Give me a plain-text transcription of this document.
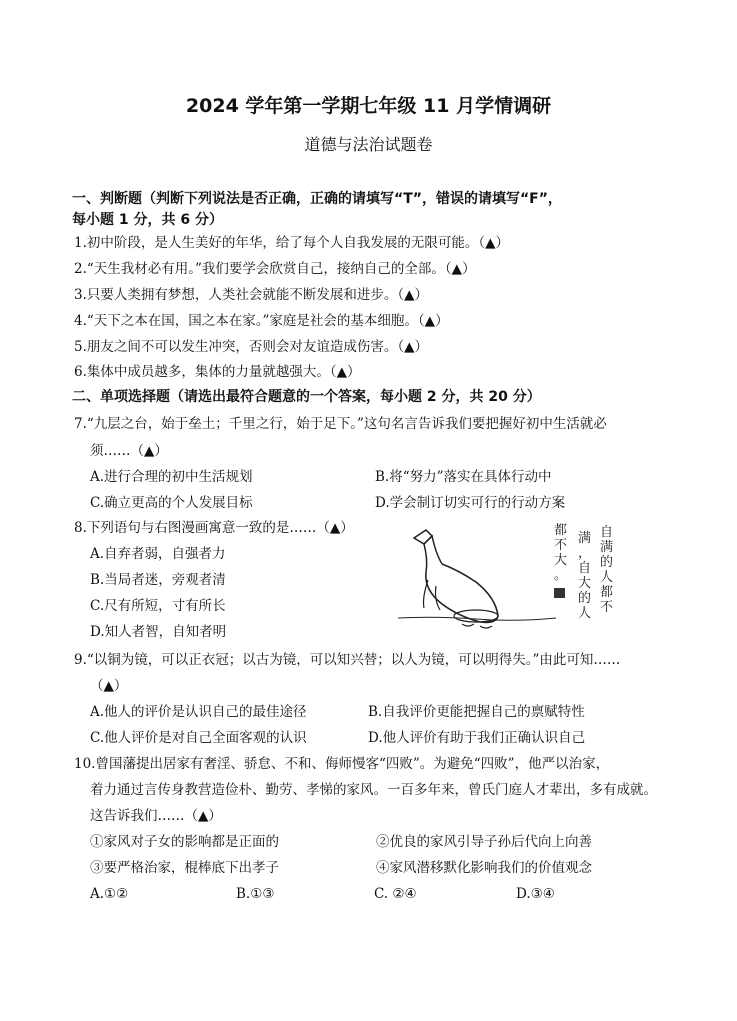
2024 学年第一学期七年级 11 月学情调研
道德与法治试题卷
一、判断题（判断下列说法是否正确，正确的请填写“T”，错误的请填写“F”，
每小题 1 分，共 6 分）
1.初中阶段，是人生美好的年华，给了每个人自我发展的无限可能。（▲）
2.“天生我材必有用。”我们要学会欣赏自己，接纳自己的全部。（▲）
3.只要人类拥有梦想，人类社会就能不断发展和进步。（▲）
4.“天下之本在国，国之本在家。”家庭是社会的基本细胞。（▲）
5.朋友之间不可以发生冲突，否则会对友谊造成伤害。（▲）
6.集体中成员越多，集体的力量就越强大。（▲）
二、单项选择题（请选出最符合题意的一个答案，每小题 2 分，共 20 分）
7.“九层之台，始于垒土；千里之行，始于足下。”这句名言告诉我们要把握好初中生活就必
须……（▲）
A.进行合理的初中生活规划	B.将“努力”落实在具体行动中
C.确立更高的个人发展目标	D.学会制订切实可行的行动方案
8.下列语句与右图漫画寓意一致的是……（▲）
A.自弃者弱，自强者力
B.当局者迷，旁观者清
C.尺有所短，寸有所长
D.知人者智，自知者明
自
满
的
人
都
不
满
，
自
大
的
人
都
不
大
。
9.“以铜为镜，可以正衣冠；以古为镜，可以知兴替；以人为镜，可以明得失。”由此可知……
（▲）
A.他人的评价是认识自己的最佳途径	B.自我评价更能把握自己的禀赋特性
C.他人评价是对自己全面客观的认识	D.他人评价有助于我们正确认识自己
10.曾国藩提出居家有奢淫、骄怠、不和、侮师慢客“四败”。为避免“四败”，他严以治家，
着力通过言传身教营造俭朴、勤劳、孝悌的家风。一百多年来，曾氏门庭人才辈出，多有成就。
这告诉我们……（▲）
①家风对子女的影响都是正面的	②优良的家风引导子孙后代向上向善
③要严格治家，棍棒底下出孝子	④家风潜移默化影响我们的价值观念
A.①②	B.①③	C. ②④	D.③④
